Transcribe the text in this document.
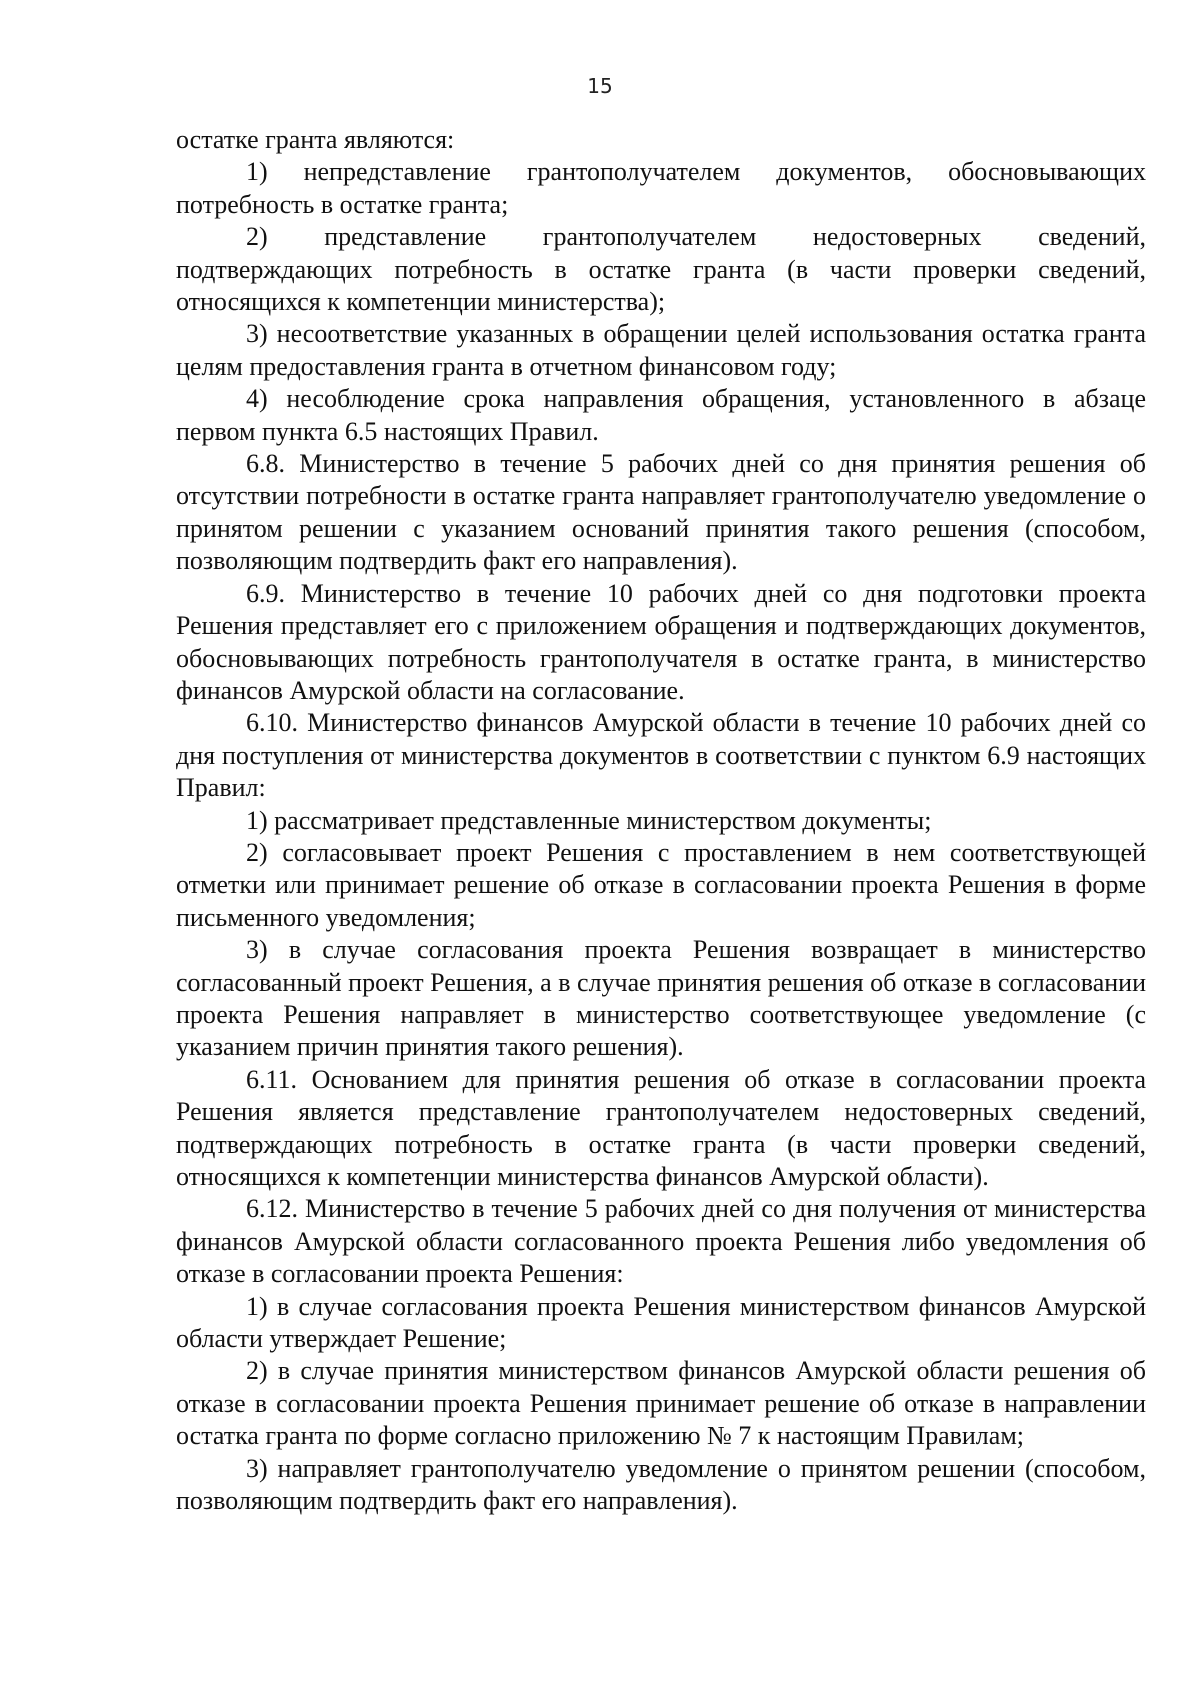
15

остатке гранта являются:

1) непредставление грантополучателем документов, обосновывающих потребность в остатке гранта;

2) представление грантополучателем недостоверных сведений, подтверждающих потребность в остатке гранта (в части проверки сведений, относящихся к компетенции министерства);

3) несоответствие указанных в обращении целей использования остатка гранта целям предоставления гранта в отчетном финансовом году;

4) несоблюдение срока направления обращения, установленного в абзаце первом пункта 6.5 настоящих Правил.

6.8. Министерство в течение 5 рабочих дней со дня принятия решения об отсутствии потребности в остатке гранта направляет грантополучателю уведомление о принятом решении с указанием оснований принятия такого решения (способом, позволяющим подтвердить факт его направления).

6.9. Министерство в течение 10 рабочих дней со дня подготовки проекта Решения представляет его с приложением обращения и подтверждающих документов, обосновывающих потребность грантополучателя в остатке гранта, в министерство финансов Амурской области на согласование.

6.10. Министерство финансов Амурской области в течение 10 рабочих дней со дня поступления от министерства документов в соответствии с пунктом 6.9 настоящих Правил:

1) рассматривает представленные министерством документы;

2) согласовывает проект Решения с проставлением в нем соответствующей отметки или принимает решение об отказе в согласовании проекта Решения в форме письменного уведомления;

3) в случае согласования проекта Решения возвращает в министерство согласованный проект Решения, а в случае принятия решения об отказе в согласовании проекта Решения направляет в министерство соответствующее уведомление (с указанием причин принятия такого решения).

6.11. Основанием для принятия решения об отказе в согласовании проекта Решения является представление грантополучателем недостоверных сведений, подтверждающих потребность в остатке гранта (в части проверки сведений, относящихся к компетенции министерства финансов Амурской области).

6.12. Министерство в течение 5 рабочих дней со дня получения от министерства финансов Амурской области согласованного проекта Решения либо уведомления об отказе в согласовании проекта Решения:

1) в случае согласования проекта Решения министерством финансов Амурской области утверждает Решение;

2) в случае принятия министерством финансов Амурской области решения об отказе в согласовании проекта Решения принимает решение об отказе в направлении остатка гранта по форме согласно приложению № 7 к настоящим Правилам;

3) направляет грантополучателю уведомление о принятом решении (способом, позволяющим подтвердить факт его направления).
